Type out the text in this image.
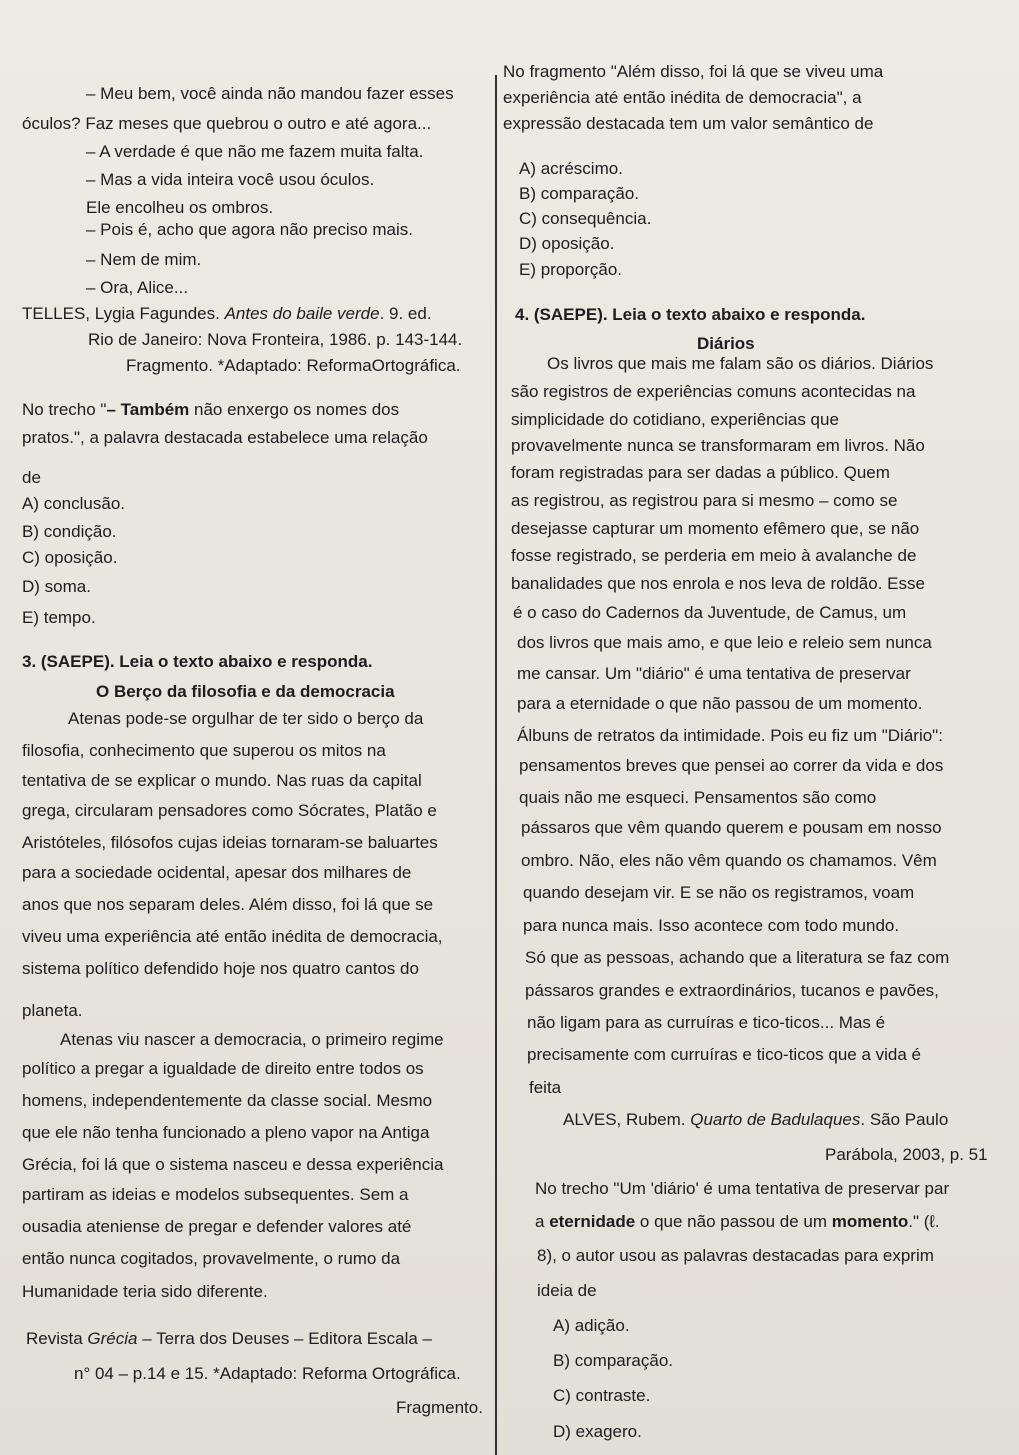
– Meu bem, você ainda não mandou fazer esses
óculos? Faz meses que quebrou o outro e até agora...
– A verdade é que não me fazem muita falta.
– Mas a vida inteira você usou óculos.
Ele encolheu os ombros.
– Pois é, acho que agora não preciso mais.
– Nem de mim.
– Ora, Alice...
TELLES, Lygia Fagundes. Antes do baile verde. 9. ed.
Rio de Janeiro: Nova Fronteira, 1986. p. 143-144.
Fragmento. *Adaptado: ReformaOrtográfica.
No trecho "– Também não enxergo os nomes dos
pratos.", a palavra destacada estabelece uma relação
de
A) conclusão.
B) condição.
C) oposição.
D) soma.
E) tempo.
3. (SAEPE). Leia o texto abaixo e responda.
O Berço da filosofia e da democracia
Atenas pode-se orgulhar de ter sido o berço da
filosofia, conhecimento que superou os mitos na
tentativa de se explicar o mundo. Nas ruas da capital
grega, circularam pensadores como Sócrates, Platão e
Aristóteles, filósofos cujas ideias tornaram-se baluartes
para a sociedade ocidental, apesar dos milhares de
anos que nos separam deles. Além disso, foi lá que se
viveu uma experiência até então inédita de democracia,
sistema político defendido hoje nos quatro cantos do
planeta.
Atenas viu nascer a democracia, o primeiro regime
político a pregar a igualdade de direito entre todos os
homens, independentemente da classe social. Mesmo
que ele não tenha funcionado a pleno vapor na Antiga
Grécia, foi lá que o sistema nasceu e dessa experiência
partiram as ideias e modelos subsequentes. Sem a
ousadia ateniense de pregar e defender valores até
então nunca cogitados, provavelmente, o rumo da
Humanidade teria sido diferente.
Revista Grécia – Terra dos Deuses – Editora Escala –
n° 04 – p.14 e 15. *Adaptado: Reforma Ortográfica.
Fragmento.
No fragmento "Além disso, foi lá que se viveu uma
experiência até então inédita de democracia", a
expressão destacada tem um valor semântico de
A) acréscimo.
B) comparação.
C) consequência.
D) oposição.
E) proporção.
4. (SAEPE). Leia o texto abaixo e responda.
Diários
Os livros que mais me falam são os diários. Diários
são registros de experiências comuns acontecidas na
simplicidade do cotidiano, experiências que
provavelmente nunca se transformaram em livros. Não
foram registradas para ser dadas a público. Quem
as registrou, as registrou para si mesmo – como se
desejasse capturar um momento efêmero que, se não
fosse registrado, se perderia em meio à avalanche de
banalidades que nos enrola e nos leva de roldão. Esse
é o caso do Cadernos da Juventude, de Camus, um
dos livros que mais amo, e que leio e releio sem nunca
me cansar. Um "diário" é uma tentativa de preservar
para a eternidade o que não passou de um momento.
Álbuns de retratos da intimidade. Pois eu fiz um "Diário":
pensamentos breves que pensei ao correr da vida e dos
quais não me esqueci. Pensamentos são como
pássaros que vêm quando querem e pousam em nosso
ombro. Não, eles não vêm quando os chamamos. Vêm
quando desejam vir. E se não os registramos, voam
para nunca mais. Isso acontece com todo mundo.
Só que as pessoas, achando que a literatura se faz com
pássaros grandes e extraordinários, tucanos e pavões,
não ligam para as curruíras e tico-ticos... Mas é
precisamente com curruíras e tico-ticos que a vida é
feita
ALVES, Rubem. Quarto de Badulaques. São Paulo
Parábola, 2003, p. 51
No trecho "Um 'diário' é uma tentativa de preservar par
a eternidade o que não passou de um momento." (ℓ.
8), o autor usou as palavras destacadas para exprim
ideia de
A) adição.
B) comparação.
C) contraste.
D) exagero.
